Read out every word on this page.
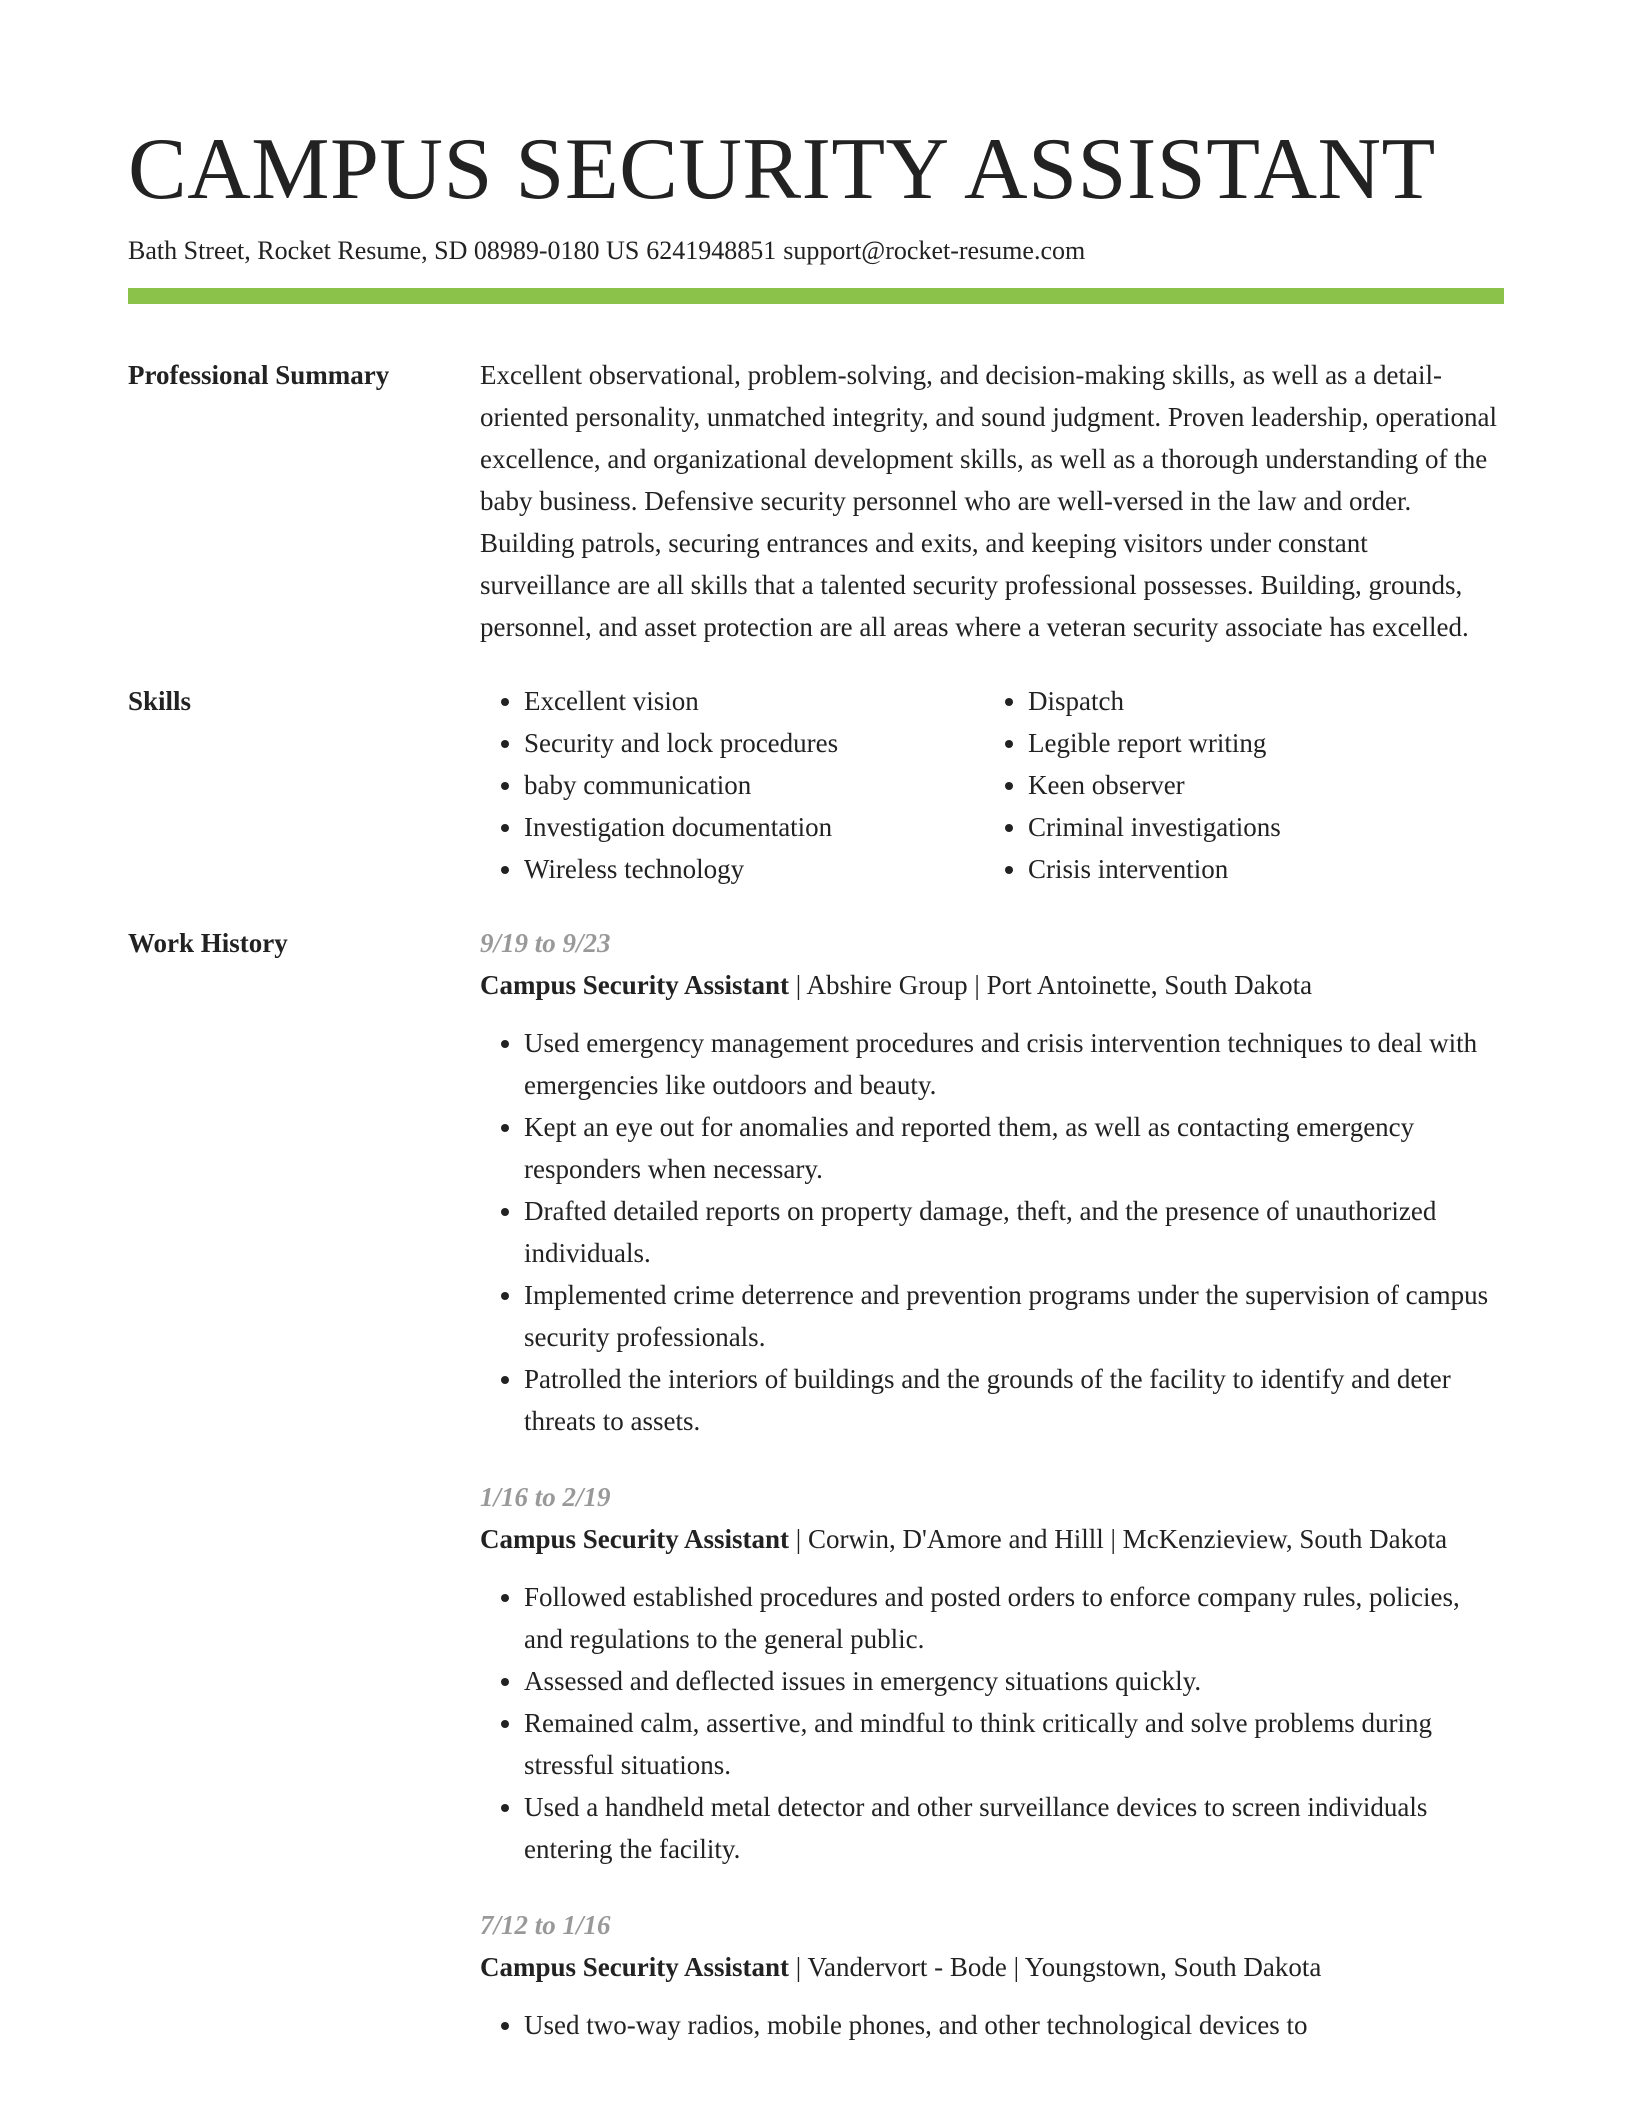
CAMPUS SECURITY ASSISTANT
Bath Street, Rocket Resume, SD 08989-0180 US 6241948851 support@rocket-resume.com
Professional Summary	Excellent observational, problem-solving, and decision-making skills, as well as a detail-oriented personality, unmatched integrity, and sound judgment. Proven leadership, operational excellence, and organizational development skills, as well as a thorough understanding of the baby business. Defensive security personnel who are well-versed in the law and order. Building patrols, securing entrances and exits, and keeping visitors under constant surveillance are all skills that a talented security professional possesses. Building, grounds, personnel, and asset protection are all areas where a veteran security associate has excelled.
Skills
•	Excellent vision
• Security and lock procedures
• baby communication
• Investigation documentation
• Wireless technology
• Dispatch
• Legible report writing
• Keen observer
• Criminal investigations
• Crisis intervention
Work History	9/19 to 9/23
Campus Security Assistant | Abshire Group | Port Antoinette, South Dakota
• Used emergency management procedures and crisis intervention techniques to deal with emergencies like outdoors and beauty.
• Kept an eye out for anomalies and reported them, as well as contacting emergency responders when necessary.
• Drafted detailed reports on property damage, theft, and the presence of unauthorized individuals.
• Implemented crime deterrence and prevention programs under the supervision of campus security professionals.
• Patrolled the interiors of buildings and the grounds of the facility to identify and deter threats to assets.
1/16 to 2/19
Campus Security Assistant | Corwin, D'Amore and Hilll | McKenzieview, South Dakota
• Followed established procedures and posted orders to enforce company rules, policies, and regulations to the general public.
• Assessed and deflected issues in emergency situations quickly.
• Remained calm, assertive, and mindful to think critically and solve problems during stressful situations.
• Used a handheld metal detector and other surveillance devices to screen individuals entering the facility.
7/12 to 1/16
Campus Security Assistant | Vandervort - Bode | Youngstown, South Dakota
• Used two-way radios, mobile phones, and other technological devices to
